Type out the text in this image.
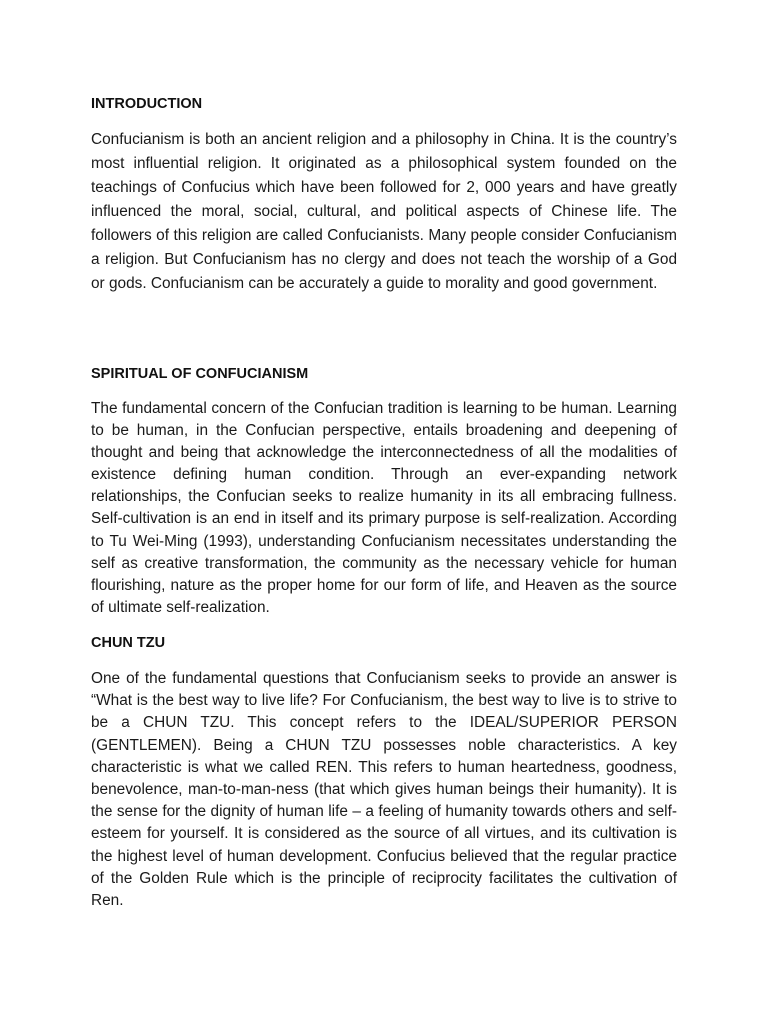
INTRODUCTION

Confucianism is both an ancient religion and a philosophy in China. It is the country’s most influential religion. It originated as a philosophical system founded on the teachings of Confucius which have been followed for 2, 000 years and have greatly influenced the moral, social, cultural, and political aspects of Chinese life. The followers of this religion are called Confucianists. Many people consider Confucianism a religion. But Confucianism has no clergy and does not teach the worship of a God or gods. Confucianism can be accurately a guide to morality and good government.

SPIRITUAL OF CONFUCIANISM

The fundamental concern of the Confucian tradition is learning to be human. Learning to be human, in the Confucian perspective, entails broadening and deepening of thought and being that acknowledge the interconnectedness of all the modalities of existence defining human condition. Through an ever-expanding network relationships, the Confucian seeks to realize humanity in its all embracing fullness. Self-cultivation is an end in itself and its primary purpose is self-realization. According to Tu Wei-Ming (1993), understanding Confucianism necessitates understanding the self as creative transformation, the community as the necessary vehicle for human flourishing, nature as the proper home for our form of life, and Heaven as the source of ultimate self-realization.

CHUN TZU

One of the fundamental questions that Confucianism seeks to provide an answer is “What is the best way to live life? For Confucianism, the best way to live is to strive to be a CHUN TZU. This concept refers to the IDEAL/SUPERIOR PERSON (GENTLEMEN). Being a CHUN TZU possesses noble characteristics. A key characteristic is what we called REN. This refers to human heartedness, goodness, benevolence, man-to-man-ness (that which gives human beings their humanity). It is the sense for the dignity of human life – a feeling of humanity towards others and self-esteem for yourself. It is considered as the source of all virtues, and its cultivation is the highest level of human development. Confucius believed that the regular practice of the Golden Rule which is the principle of reciprocity facilitates the cultivation of Ren.
